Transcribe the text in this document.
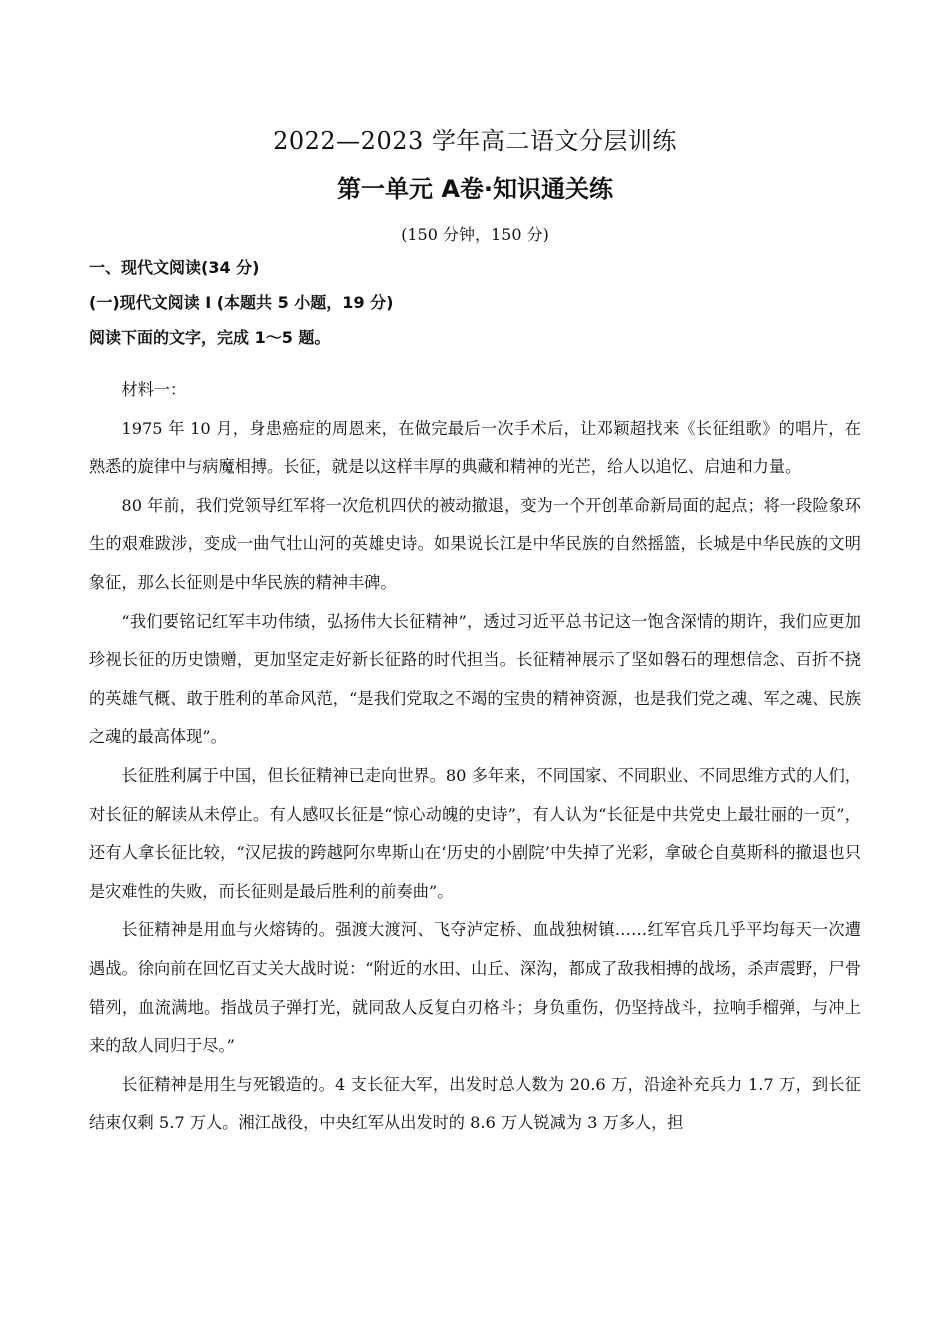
2022—2023 学年高二语文分层训练
第一单元 A卷·知识通关练
(150 分钟，150 分)
一、现代文阅读(34 分)
(一)现代文阅读 I (本题共 5 小题，19 分)
阅读下面的文字，完成 1～5 题。

材料一：

1975 年 10 月，身患癌症的周恩来，在做完最后一次手术后，让邓颖超找来《长征组歌》的唱片，在熟悉的旋律中与病魔相搏。长征，就是以这样丰厚的典藏和精神的光芒，给人以追忆、启迪和力量。

80 年前，我们党领导红军将一次危机四伏的被动撤退，变为一个开创革命新局面的起点；将一段险象环生的艰难跋涉，变成一曲气壮山河的英雄史诗。如果说长江是中华民族的自然摇篮，长城是中华民族的文明象征，那么长征则是中华民族的精神丰碑。

“我们要铭记红军丰功伟绩，弘扬伟大长征精神”，透过习近平总书记这一饱含深情的期许，我们应更加珍视长征的历史馈赠，更加坚定走好新长征路的时代担当。长征精神展示了坚如磐石的理想信念、百折不挠的英雄气概、敢于胜利的革命风范，“是我们党取之不竭的宝贵的精神资源，也是我们党之魂、军之魂、民族之魂的最高体现”。

长征胜利属于中国，但长征精神已走向世界。80 多年来，不同国家、不同职业、不同思维方式的人们，对长征的解读从未停止。有人感叹长征是“惊心动魄的史诗”，有人认为“长征是中共党史上最壮丽的一页”，还有人拿长征比较，“汉尼拔的跨越阿尔卑斯山在‘历史的小剧院’中失掉了光彩，拿破仑自莫斯科的撤退也只是灾难性的失败，而长征则是最后胜利的前奏曲”。

长征精神是用血与火熔铸的。强渡大渡河、飞夺泸定桥、血战独树镇……红军官兵几乎平均每天一次遭遇战。徐向前在回忆百丈关大战时说：“附近的水田、山丘、深沟，都成了敌我相搏的战场，杀声震野，尸骨错列，血流满地。指战员子弹打光，就同敌人反复白刃格斗；身负重伤，仍坚持战斗，拉响手榴弹，与冲上来的敌人同归于尽。”

长征精神是用生与死锻造的。4 支长征大军，出发时总人数为 20.6 万，沿途补充兵力 1.7 万，到长征结束仅剩 5.7 万人。湘江战役，中央红军从出发时的 8.6 万人锐减为 3 万多人，担
